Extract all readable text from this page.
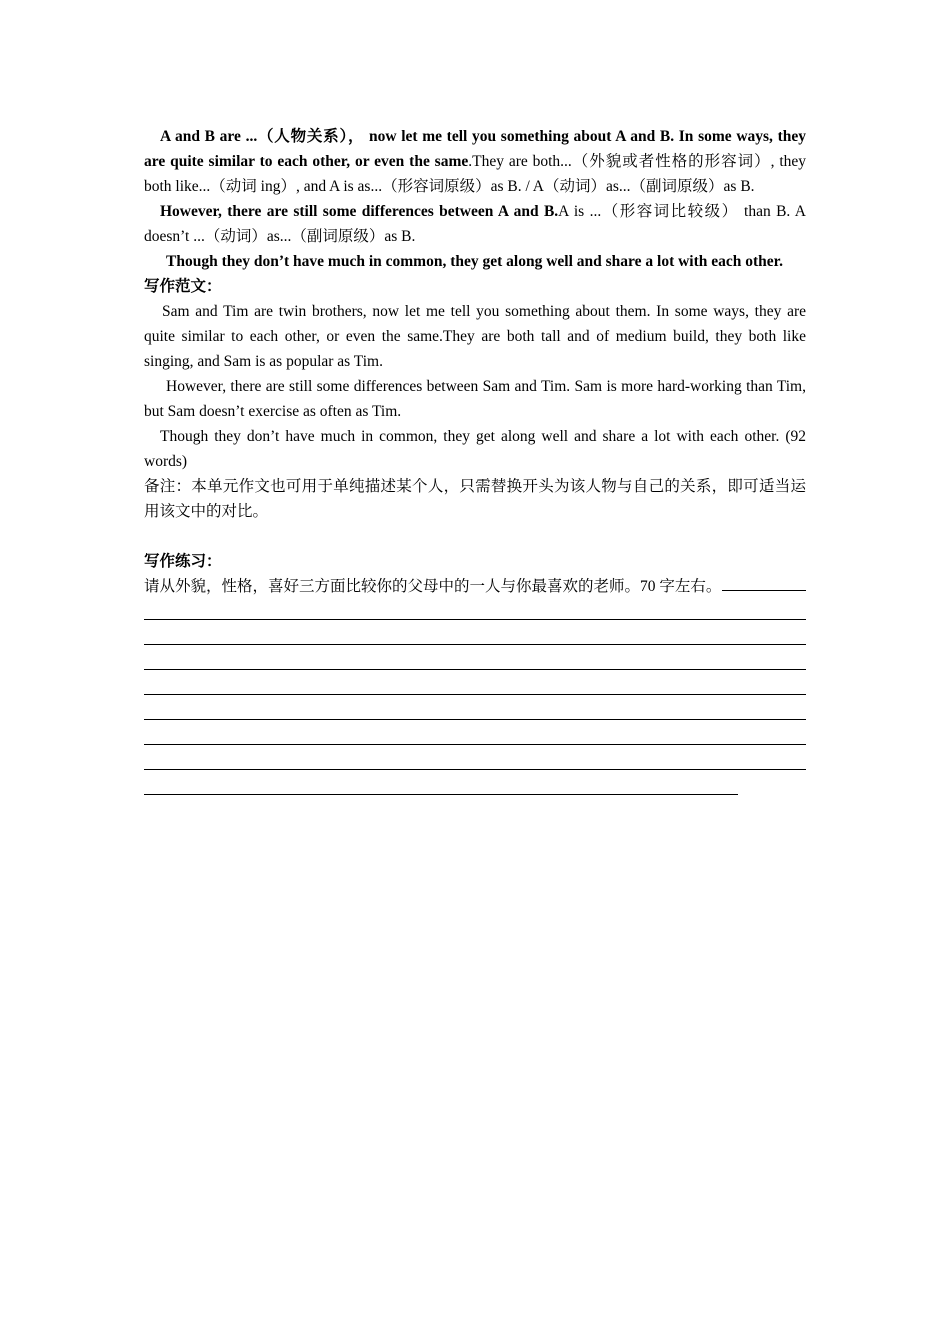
A and B are ...（人物关系）， now let me tell you something about A and B. In some ways, they are quite similar to each other, or even the same.They are both...（外貌或者性格的形容词）, they both like...（动词 ing）, and A is as...（形容词原级）as B. / A（动词）as...（副词原级）as B.

However, there are still some differences between A and B.A is ...（形容词比较级） than B. A doesn’t ...（动词）as...（副词原级）as B.

Though they don’t have much in common, they get along well and share a lot with each other.

写作范文：

Sam and Tim are twin brothers, now let me tell you something about them. In some ways, they are quite similar to each other, or even the same.They are both tall and of medium build, they both like singing, and Sam is as popular as Tim.

However, there are still some differences between Sam and Tim. Sam is more hard-working than Tim, but Sam doesn’t exercise as often as Tim.

Though they don’t have much in common, they get along well and share a lot with each other. (92 words)

备注：本单元作文也可用于单纯描述某个人，只需替换开头为该人物与自己的关系，即可适当运用该文中的对比。

写作练习：

请从外貌，性格，喜好三方面比较你的父母中的一人与你最喜欢的老师。70 字左右。
